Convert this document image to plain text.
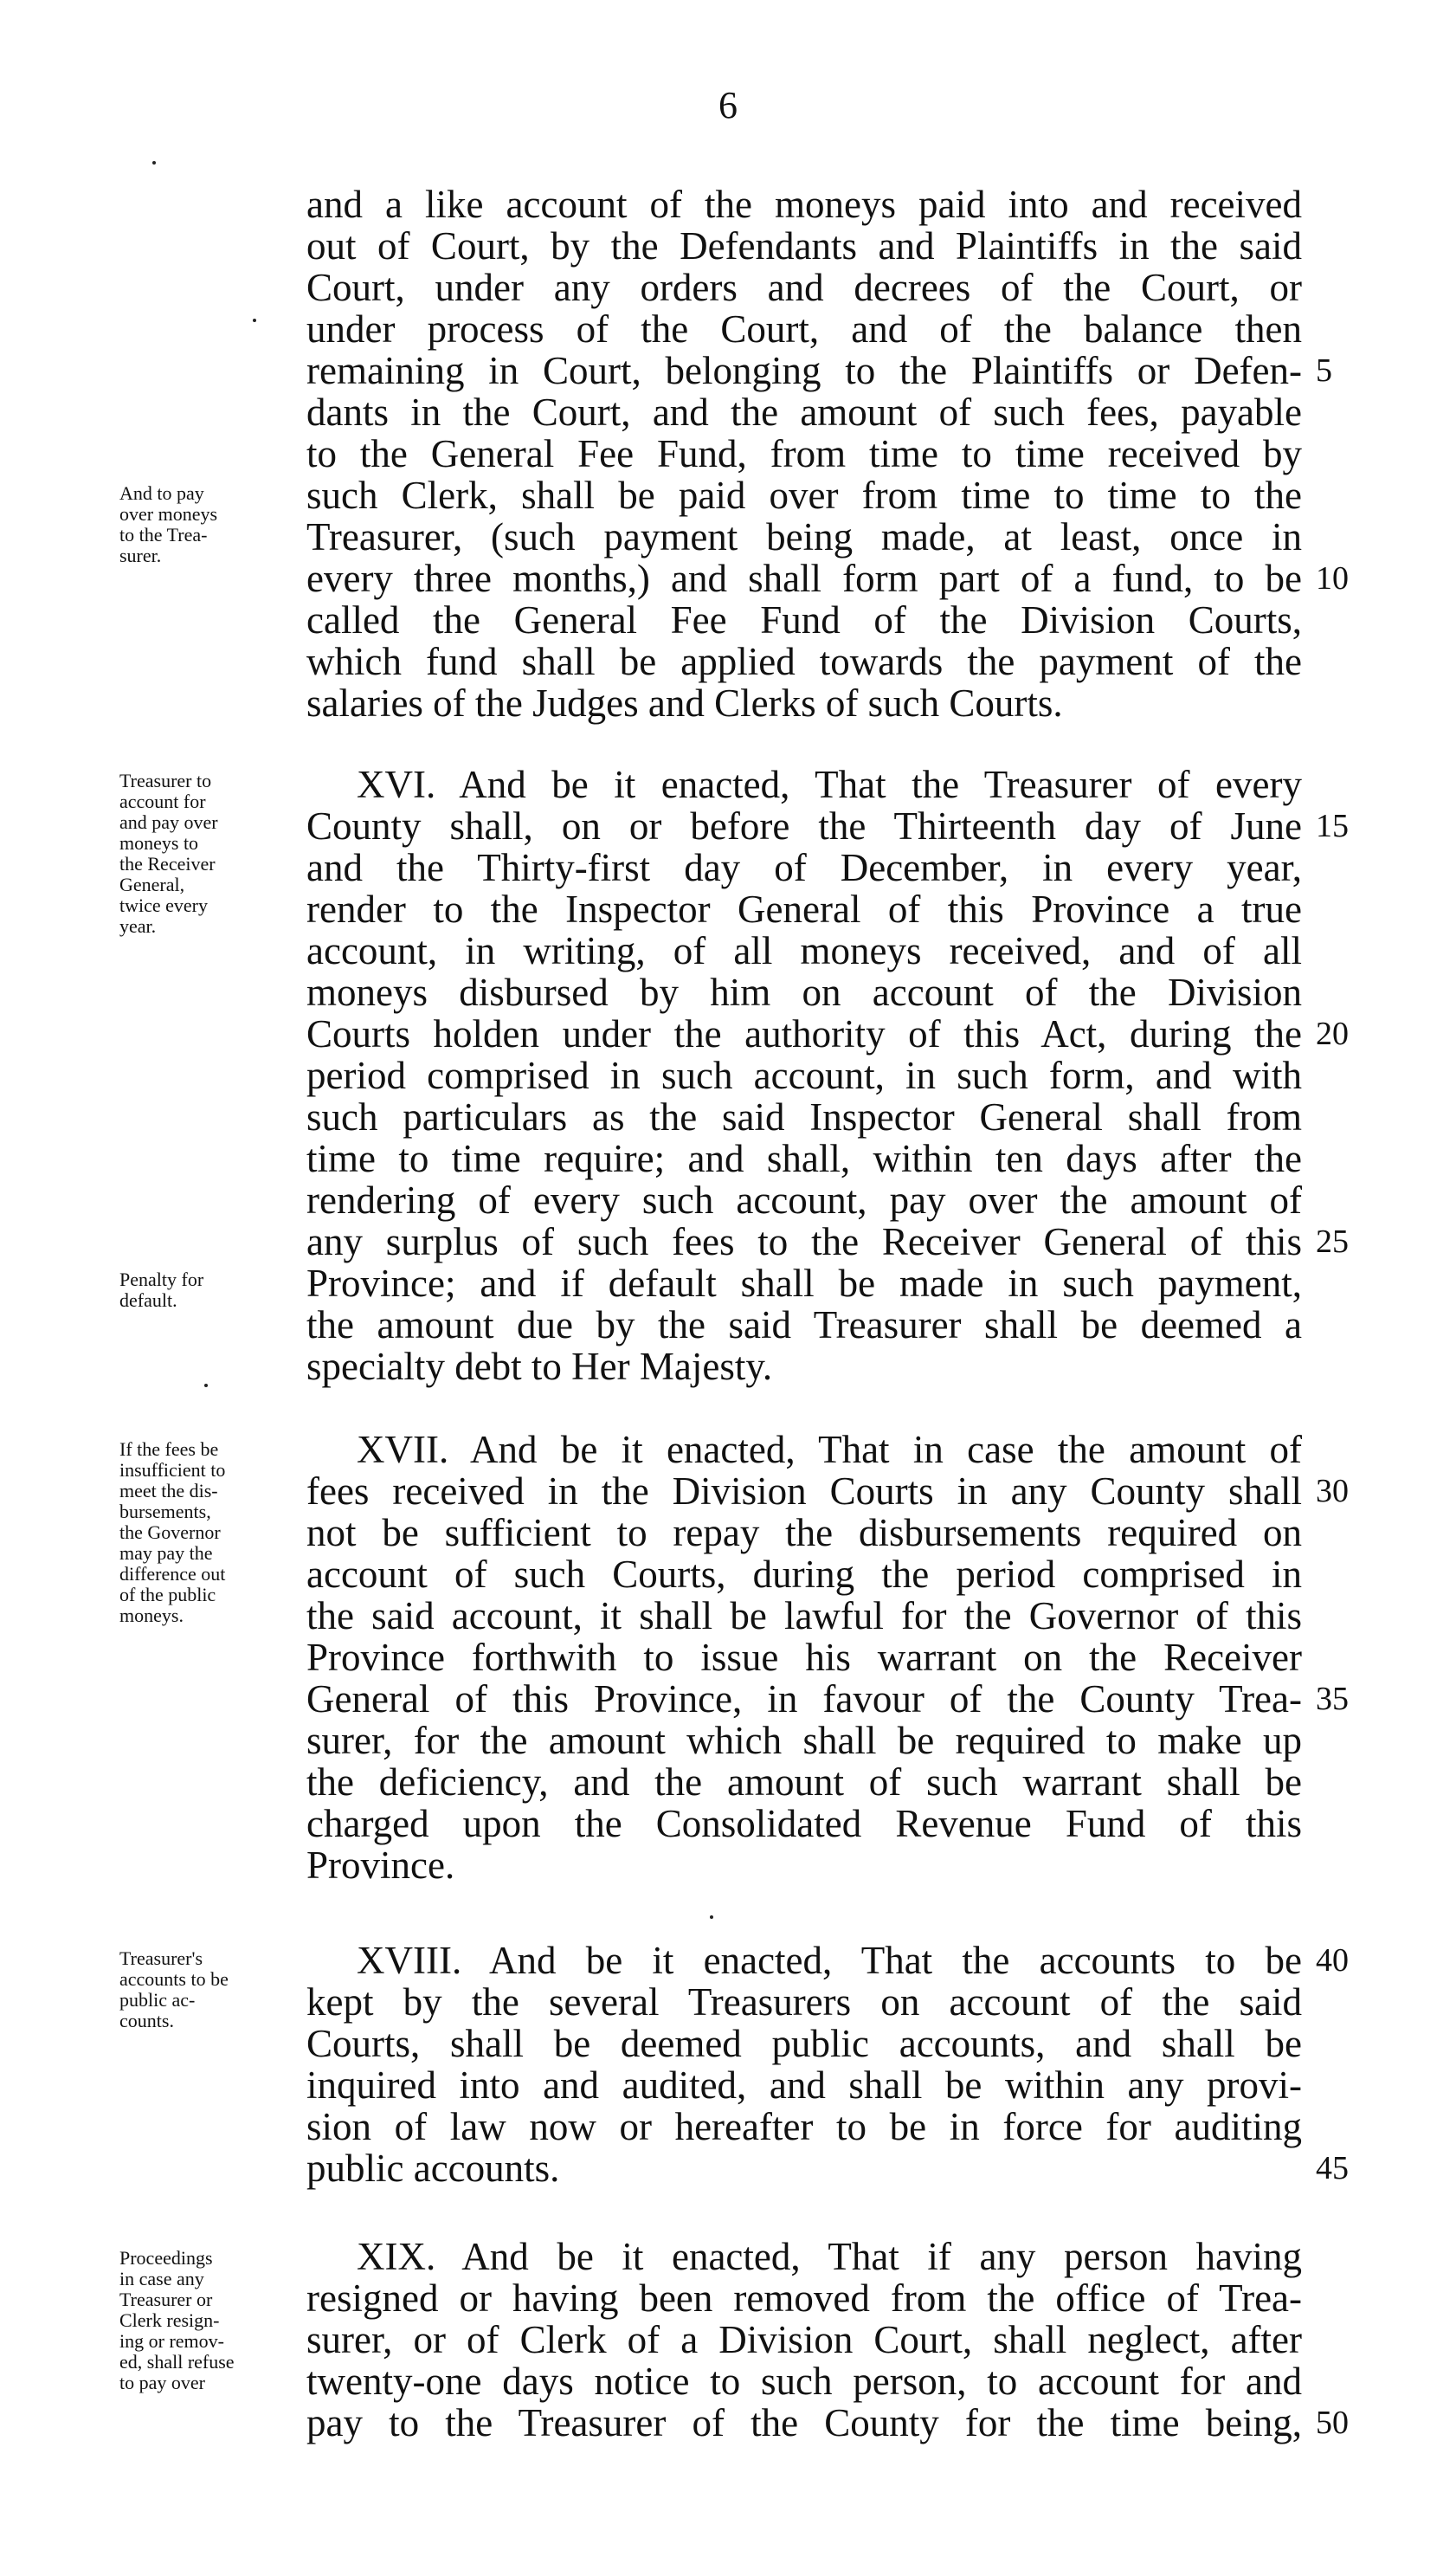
6
and a like account of the moneys paid into and received
out of Court, by the Defendants and Plaintiffs in the said
Court, under any orders and decrees of the Court, or
under process of the Court, and of the balance then
remaining in Court, belonging to the Plaintiffs or Defen-
dants in the Court, and the amount of such fees, payable
to the General Fee Fund, from time to time received by
such Clerk, shall be paid over from time to time to the
Treasurer, (such payment being made, at least, once in
every three months,) and shall form part of a fund, to be
called the General Fee Fund of the Division Courts,
which fund shall be applied towards the payment of the
salaries of the Judges and Clerks of such Courts.
XVI. And be it enacted, That the Treasurer of every
County shall, on or before the Thirteenth day of June
and the Thirty-first day of December, in every year,
render to the Inspector General of this Province a true
account, in writing, of all moneys received, and of all
moneys disbursed by him on account of the Division
Courts holden under the authority of this Act, during the
period comprised in such account, in such form, and with
such particulars as the said Inspector General shall from
time to time require; and shall, within ten days after the
rendering of every such account, pay over the amount of
any surplus of such fees to the Receiver General of this
Province; and if default shall be made in such payment,
the amount due by the said Treasurer shall be deemed a
specialty debt to Her Majesty.
XVII. And be it enacted, That in case the amount of
fees received in the Division Courts in any County shall
not be sufficient to repay the disbursements required on
account of such Courts, during the period comprised in
the said account, it shall be lawful for the Governor of this
Province forthwith to issue his warrant on the Receiver
General of this Province, in favour of the County Trea-
surer, for the amount which shall be required to make up
the deficiency, and the amount of such warrant shall be
charged upon the Consolidated Revenue Fund of this
Province.
XVIII. And be it enacted, That the accounts to be
kept by the several Treasurers on account of the said
Courts, shall be deemed public accounts, and shall be
inquired into and audited, and shall be within any provi-
sion of law now or hereafter to be in force for auditing
public accounts.
XIX. And be it enacted, That if any person having
resigned or having been removed from the office of Trea-
surer, or of Clerk of a Division Court, shall neglect, after
twenty-one days notice to such person, to account for and
pay to the Treasurer of the County for the time being,
5
10
15
20
25
30
35
40
45
50
And to pay
over moneys
to the Trea-
surer.
Treasurer to
account for
and pay over
moneys to
the Receiver
General,
twice every
year.
Penalty for
default.
If the fees be
insufficient to
meet the dis-
bursements,
the Governor
may pay the
difference out
of the public
moneys.
Treasurer's
accounts to be
public ac-
counts.
Proceedings
in case any
Treasurer or
Clerk resign-
ing or remov-
ed, shall refuse
to pay over
